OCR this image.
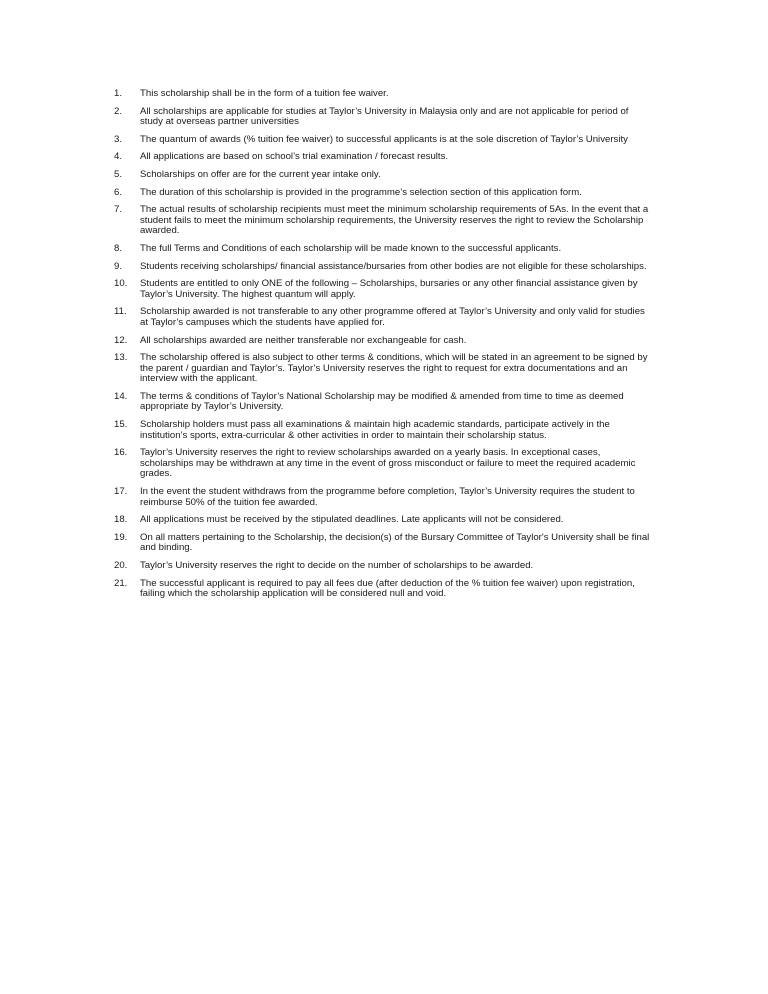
1.	This scholarship shall be in the form of a tuition fee waiver.
2.	All scholarships are applicable for studies at Taylor’s University in Malaysia only and are not applicable for period of study at overseas partner universities
3.	The quantum of awards (% tuition fee waiver) to successful applicants is at the sole discretion of Taylor’s University
4.	All applications are based on school’s trial examination / forecast results.
5.	Scholarships on offer are for the current year intake only.
6.	The duration of this scholarship is provided in the programme’s selection section of this application form.
7.	The actual results of scholarship recipients must meet the minimum scholarship requirements of 5As. In the event that a student fails to meet the minimum scholarship requirements, the University reserves the right to review the Scholarship awarded.
8.	The full Terms and Conditions of each scholarship will be made known to the successful applicants.
9.	Students receiving scholarships/ financial assistance/bursaries from other bodies are not eligible for these scholarships.
10.	Students are entitled to only ONE of the following – Scholarships, bursaries or any other financial assistance given by Taylor’s University. The highest quantum will apply.
11.	Scholarship awarded is not transferable to any other programme offered at Taylor’s University and only valid for studies at Taylor’s campuses which the students have applied for.
12.	All scholarships awarded are neither transferable nor exchangeable for cash.
13.	The scholarship offered is also subject to other terms & conditions, which will be stated in an agreement to be signed by the parent / guardian and Taylor’s. Taylor’s University reserves the right to request for extra documentations and an interview with the applicant.
14.	The terms & conditions of Taylor’s National Scholarship may be modified & amended from time to time as deemed appropriate by Taylor’s University.
15.	Scholarship holders must pass all examinations & maintain high academic standards, participate actively in the institution’s sports, extra-curricular & other activities in order to maintain their scholarship status.
16.	Taylor’s University reserves the right to review scholarships awarded on a yearly basis. In exceptional cases, scholarships may be withdrawn at any time in the event of gross misconduct or failure to meet the required academic grades.
17.	In the event the student withdraws from the programme before completion, Taylor’s University requires the student to reimburse 50% of the tuition fee awarded.
18.	All applications must be received by the stipulated deadlines. Late applicants will not be considered.
19.	On all matters pertaining to the Scholarship, the decision(s) of the Bursary Committee of Taylor's University shall be final and binding.
20.	Taylor’s University reserves the right to decide on the number of scholarships to be awarded.
21.	The successful applicant is required to pay all fees due (after deduction of the % tuition fee waiver) upon registration, failing which the scholarship application will be considered null and void.
